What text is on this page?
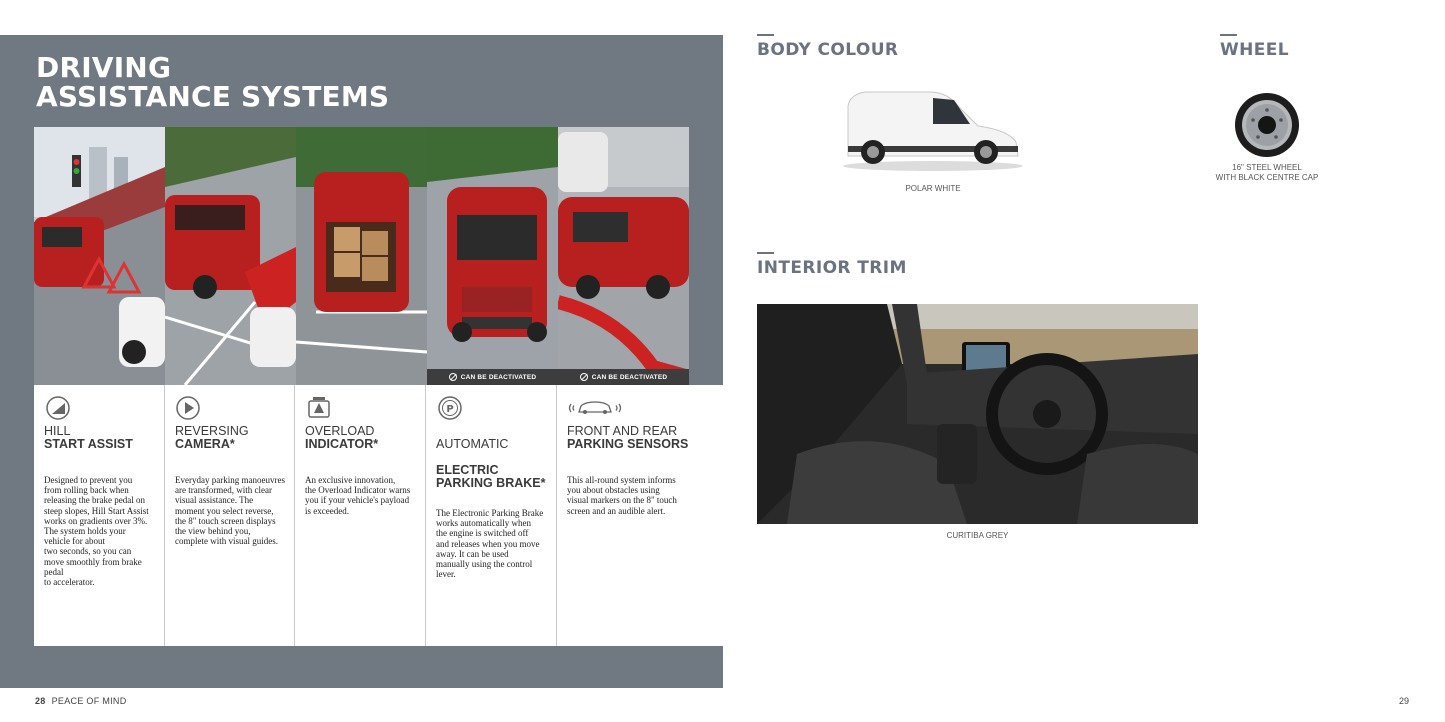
DRIVING
ASSISTANCE SYSTEMS
CAN BE DEACTIVATED	CAN BE DEACTIVATED
HILL
START ASSIST
Designed to prevent you
from rolling back when
releasing the brake pedal on
steep slopes, Hill Start Assist
works on gradients over 3%.
The system holds your
vehicle for about
two seconds, so you can
move smoothly from brake
pedal
to accelerator.
REVERSING
CAMERA*
Everyday parking manoeuvres
are transformed, with clear
visual assistance. The
moment you select reverse,
the 8" touch screen displays
the view behind you,
complete with visual guides.
OVERLOAD
INDICATOR*
An exclusive innovation,
the Overload Indicator warns
you if your vehicle's payload
is exceeded.
P

AUTOMATIC

ELECTRIC
PARKING BRAKE*

The Electronic Parking Brake
works automatically when
the engine is switched off
and releases when you move
away. It can be used
manually using the control
lever.
FRONT AND REAR
PARKING SENSORS
This all-round system informs
you about obstacles using
visual markers on the 8" touch
screen and an audible alert.
28 PEACE OF MIND
BODY COLOUR
POLAR WHITE
WHEEL
16" STEEL WHEEL
WITH BLACK CENTRE CAP
INTERIOR TRIM
CURITIBA GREY
29
